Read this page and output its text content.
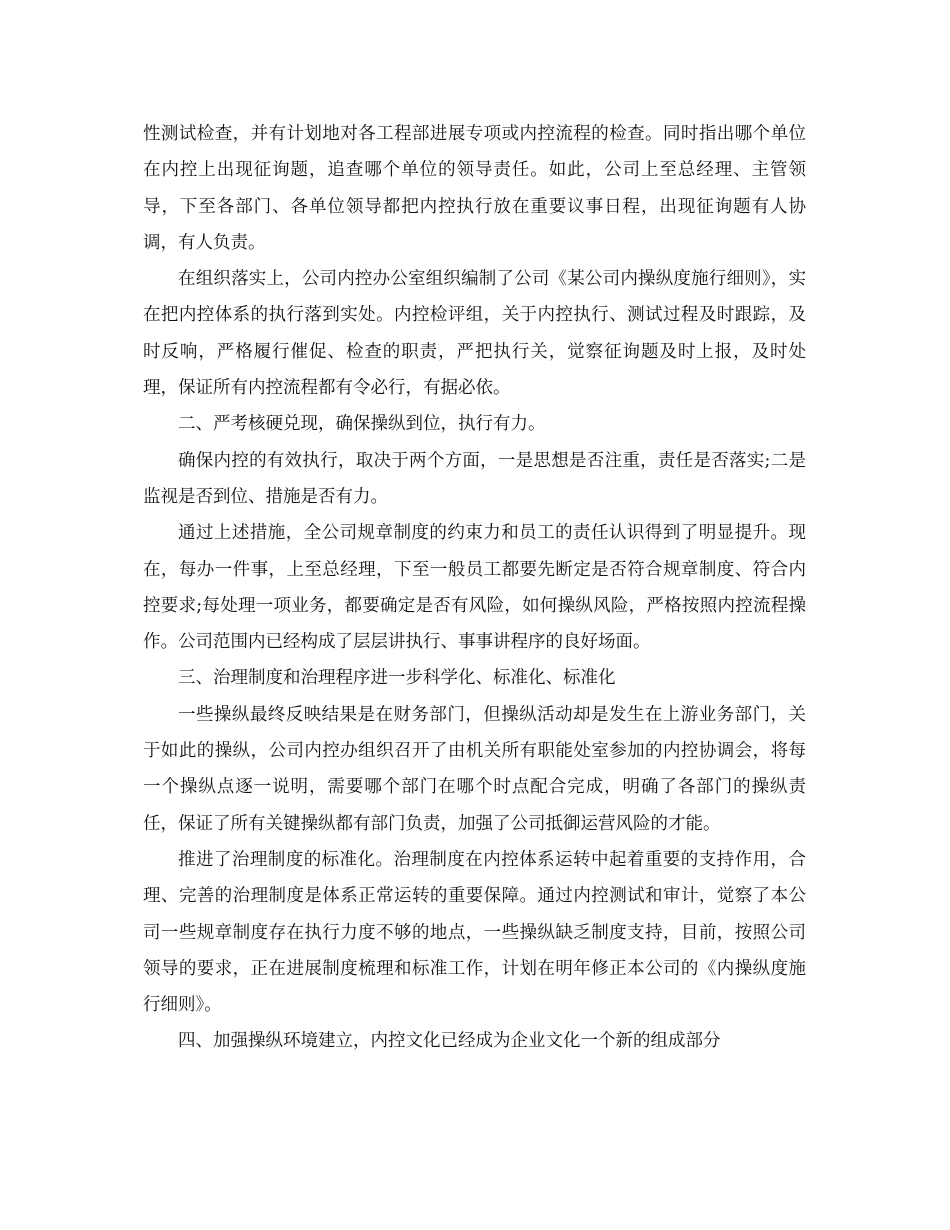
性测试检查，并有计划地对各工程部进展专项或内控流程的检查。同时指出哪个单位在内控上出现征询题，追查哪个单位的领导责任。如此，公司上至总经理、主管领导，下至各部门、各单位领导都把内控执行放在重要议事日程，出现征询题有人协调，有人负责。

在组织落实上，公司内控办公室组织编制了公司《某公司内操纵度施行细则》，实在把内控体系的执行落到实处。内控检评组，关于内控执行、测试过程及时跟踪，及时反响，严格履行催促、检查的职责，严把执行关，觉察征询题及时上报，及时处理，保证所有内控流程都有令必行，有据必依。

二、严考核硬兑现，确保操纵到位，执行有力。

确保内控的有效执行，取决于两个方面，一是思想是否注重，责任是否落实;二是监视是否到位、措施是否有力。

通过上述措施，全公司规章制度的约束力和员工的责任认识得到了明显提升。现在，每办一件事，上至总经理，下至一般员工都要先断定是否符合规章制度、符合内控要求;每处理一项业务，都要确定是否有风险，如何操纵风险，严格按照内控流程操作。公司范围内已经构成了层层讲执行、事事讲程序的良好场面。

三、治理制度和治理程序进一步科学化、标准化、标准化

一些操纵最终反映结果是在财务部门，但操纵活动却是发生在上游业务部门，关于如此的操纵，公司内控办组织召开了由机关所有职能处室参加的内控协调会，将每一个操纵点逐一说明，需要哪个部门在哪个时点配合完成，明确了各部门的操纵责任，保证了所有关键操纵都有部门负责，加强了公司抵御运营风险的才能。

推进了治理制度的标准化。治理制度在内控体系运转中起着重要的支持作用，合理、完善的治理制度是体系正常运转的重要保障。通过内控测试和审计，觉察了本公司一些规章制度存在执行力度不够的地点，一些操纵缺乏制度支持，目前，按照公司领导的要求，正在进展制度梳理和标准工作，计划在明年修正本公司的《内操纵度施行细则》。

四、加强操纵环境建立，内控文化已经成为企业文化一个新的组成部分
